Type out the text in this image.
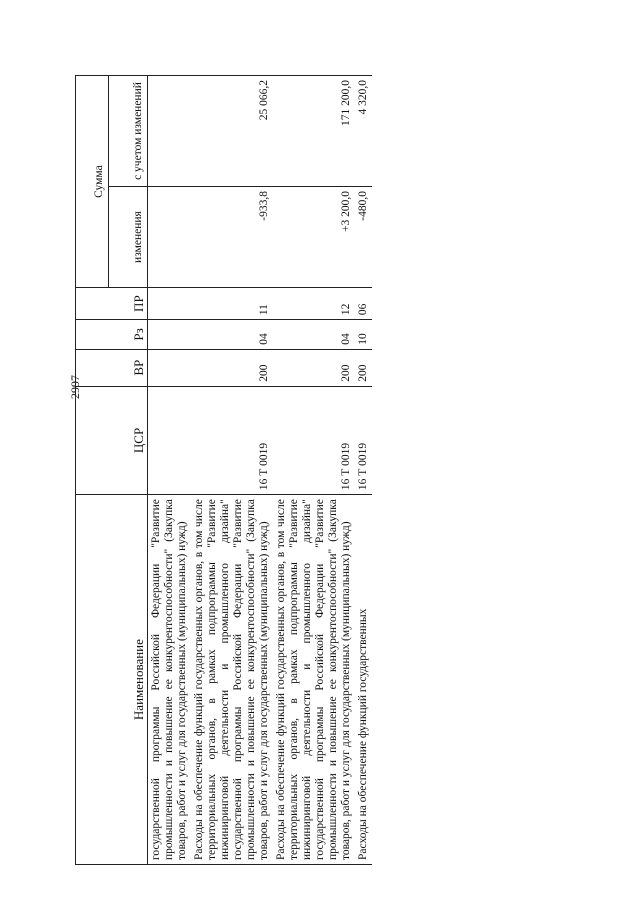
2997
Наименование	ЦСР	ВР	Рз	ПР	Сумма	
					изменения	с учетом изменений
государственной программы Российской Федерации "Развитие промышленности и повышение ее конкурентоспособности" (Закупка товаров, работ и услуг для государственных (муниципальных) нужд)						
Расходы на обеспечение функций государственных органов, в том числе территориальных органов, в рамках подпрограммы "Развитие инжиниринговой деятельности и промышленного дизайна" государственной программы Российской Федерации "Развитие промышленности и повышение ее конкурентоспособности" (Закупка товаров, работ и услуг для государственных (муниципальных) нужд)	16 Т 0019	200	04	11	-933,8	25 066,2
Расходы на обеспечение функций государственных органов, в том числе территориальных органов, в рамках подпрограммы "Развитие инжиниринговой деятельности и промышленного дизайна" государственной программы Российской Федерации "Развитие промышленности и повышение ее конкурентоспособности" (Закупка товаров, работ и услуг для государственных (муниципальных) нужд)	16 Т 0019	200	04	12	+3 200,0	171 200,0
Расходы на обеспечение функций государственных	16 Т 0019	200	10	06	-480,0	4 320,0
